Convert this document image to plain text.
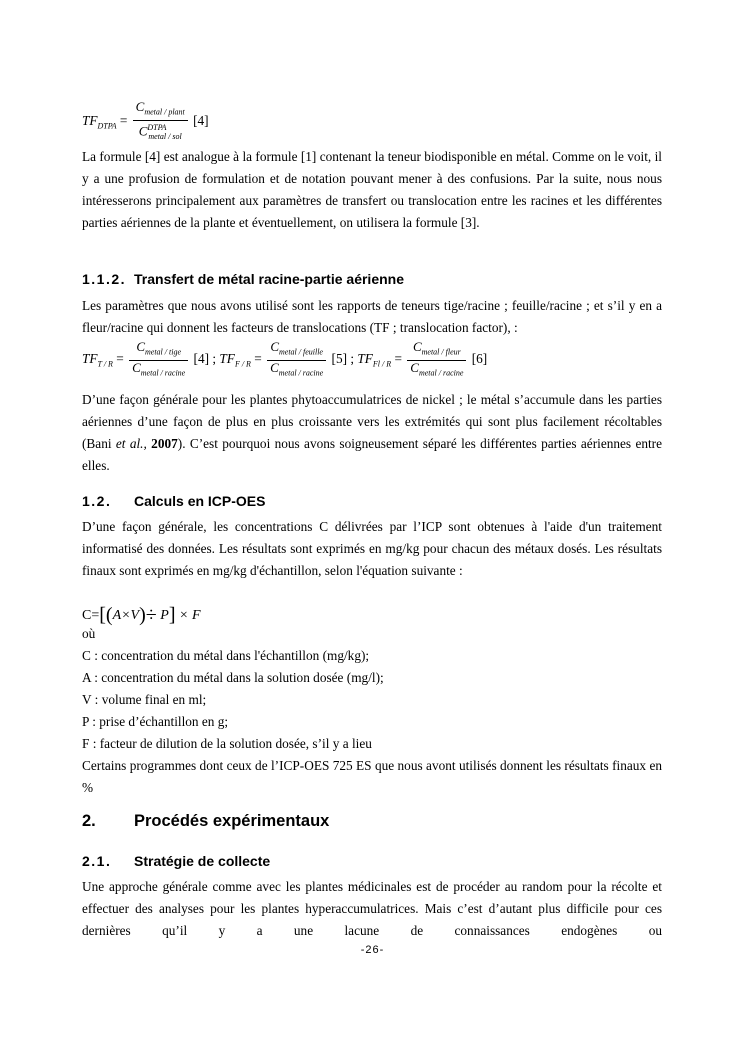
$TF_{DTPA} = \frac{C_{metal / plant}}{C^{DTPA}_{metal / sol}} [4]$
La formule [4] est analogue à la formule [1] contenant la teneur biodisponible en métal. Comme on le voit, il y a une profusion de formulation et de notation pouvant mener à des confusions. Par la suite, nous nous intéresserons principalement aux paramètres de transfert ou translocation entre les racines et les différentes parties aériennes de la plante et éventuellement, on utilisera la formule [3].
1.1.2. Transfert de métal racine-partie aérienne
Les paramètres que nous avons utilisé sont les rapports de teneurs tige/racine ; feuille/racine ; et s’il y en a fleur/racine qui donnent les facteurs de translocations (TF ; translocation factor), :
$TF_{T / R} = \frac{C_{metal / tige}}{C_{metal / racine}} [4]$ ; $TF_{F / R} = \frac{C_{metal / feuille}}{C_{metal / racine}} [5]$ ; $TF_{Fl / R} = \frac{C_{metal / fleur}}{C_{metal / racine}} [6]$
D’une façon générale pour les plantes phytoaccumulatrices de nickel ; le métal s’accumule dans les parties aériennes d’une façon de plus en plus croissante vers les extrémités qui sont plus facilement récoltables (Bani et al., 2007). C’est pourquoi nous avons soigneusement séparé les différentes parties aériennes entre elles.
1.2. Calculs en ICP-OES
D’une façon générale, les concentrations C délivrées par l’ICP sont obtenues à l'aide d'un traitement informatisé des données. Les résultats sont exprimés en mg/kg pour chacun des métaux dosés. Les résultats finaux sont exprimés en mg/kg d'échantillon, selon l'équation suivante :
C=[(A×V)÷ P] × F
où
C : concentration du métal dans l'échantillon (mg/kg);
A : concentration du métal dans la solution dosée (mg/l);
V : volume final en ml;
P : prise d’échantillon en g;
F : facteur de dilution de la solution dosée, s’il y a lieu
Certains programmes dont ceux de l’ICP-OES 725 ES que nous avont utilisés donnent les résultats finaux en %
2. Procédés expérimentaux
2.1. Stratégie de collecte
Une approche générale comme avec les plantes médicinales est de procéder au random pour la récolte et effectuer des analyses pour les plantes hyperaccumulatrices. Mais c’est d’autant plus difficile pour ces dernières qu’il y a une lacune de connaissances endogènes ou
-26-
